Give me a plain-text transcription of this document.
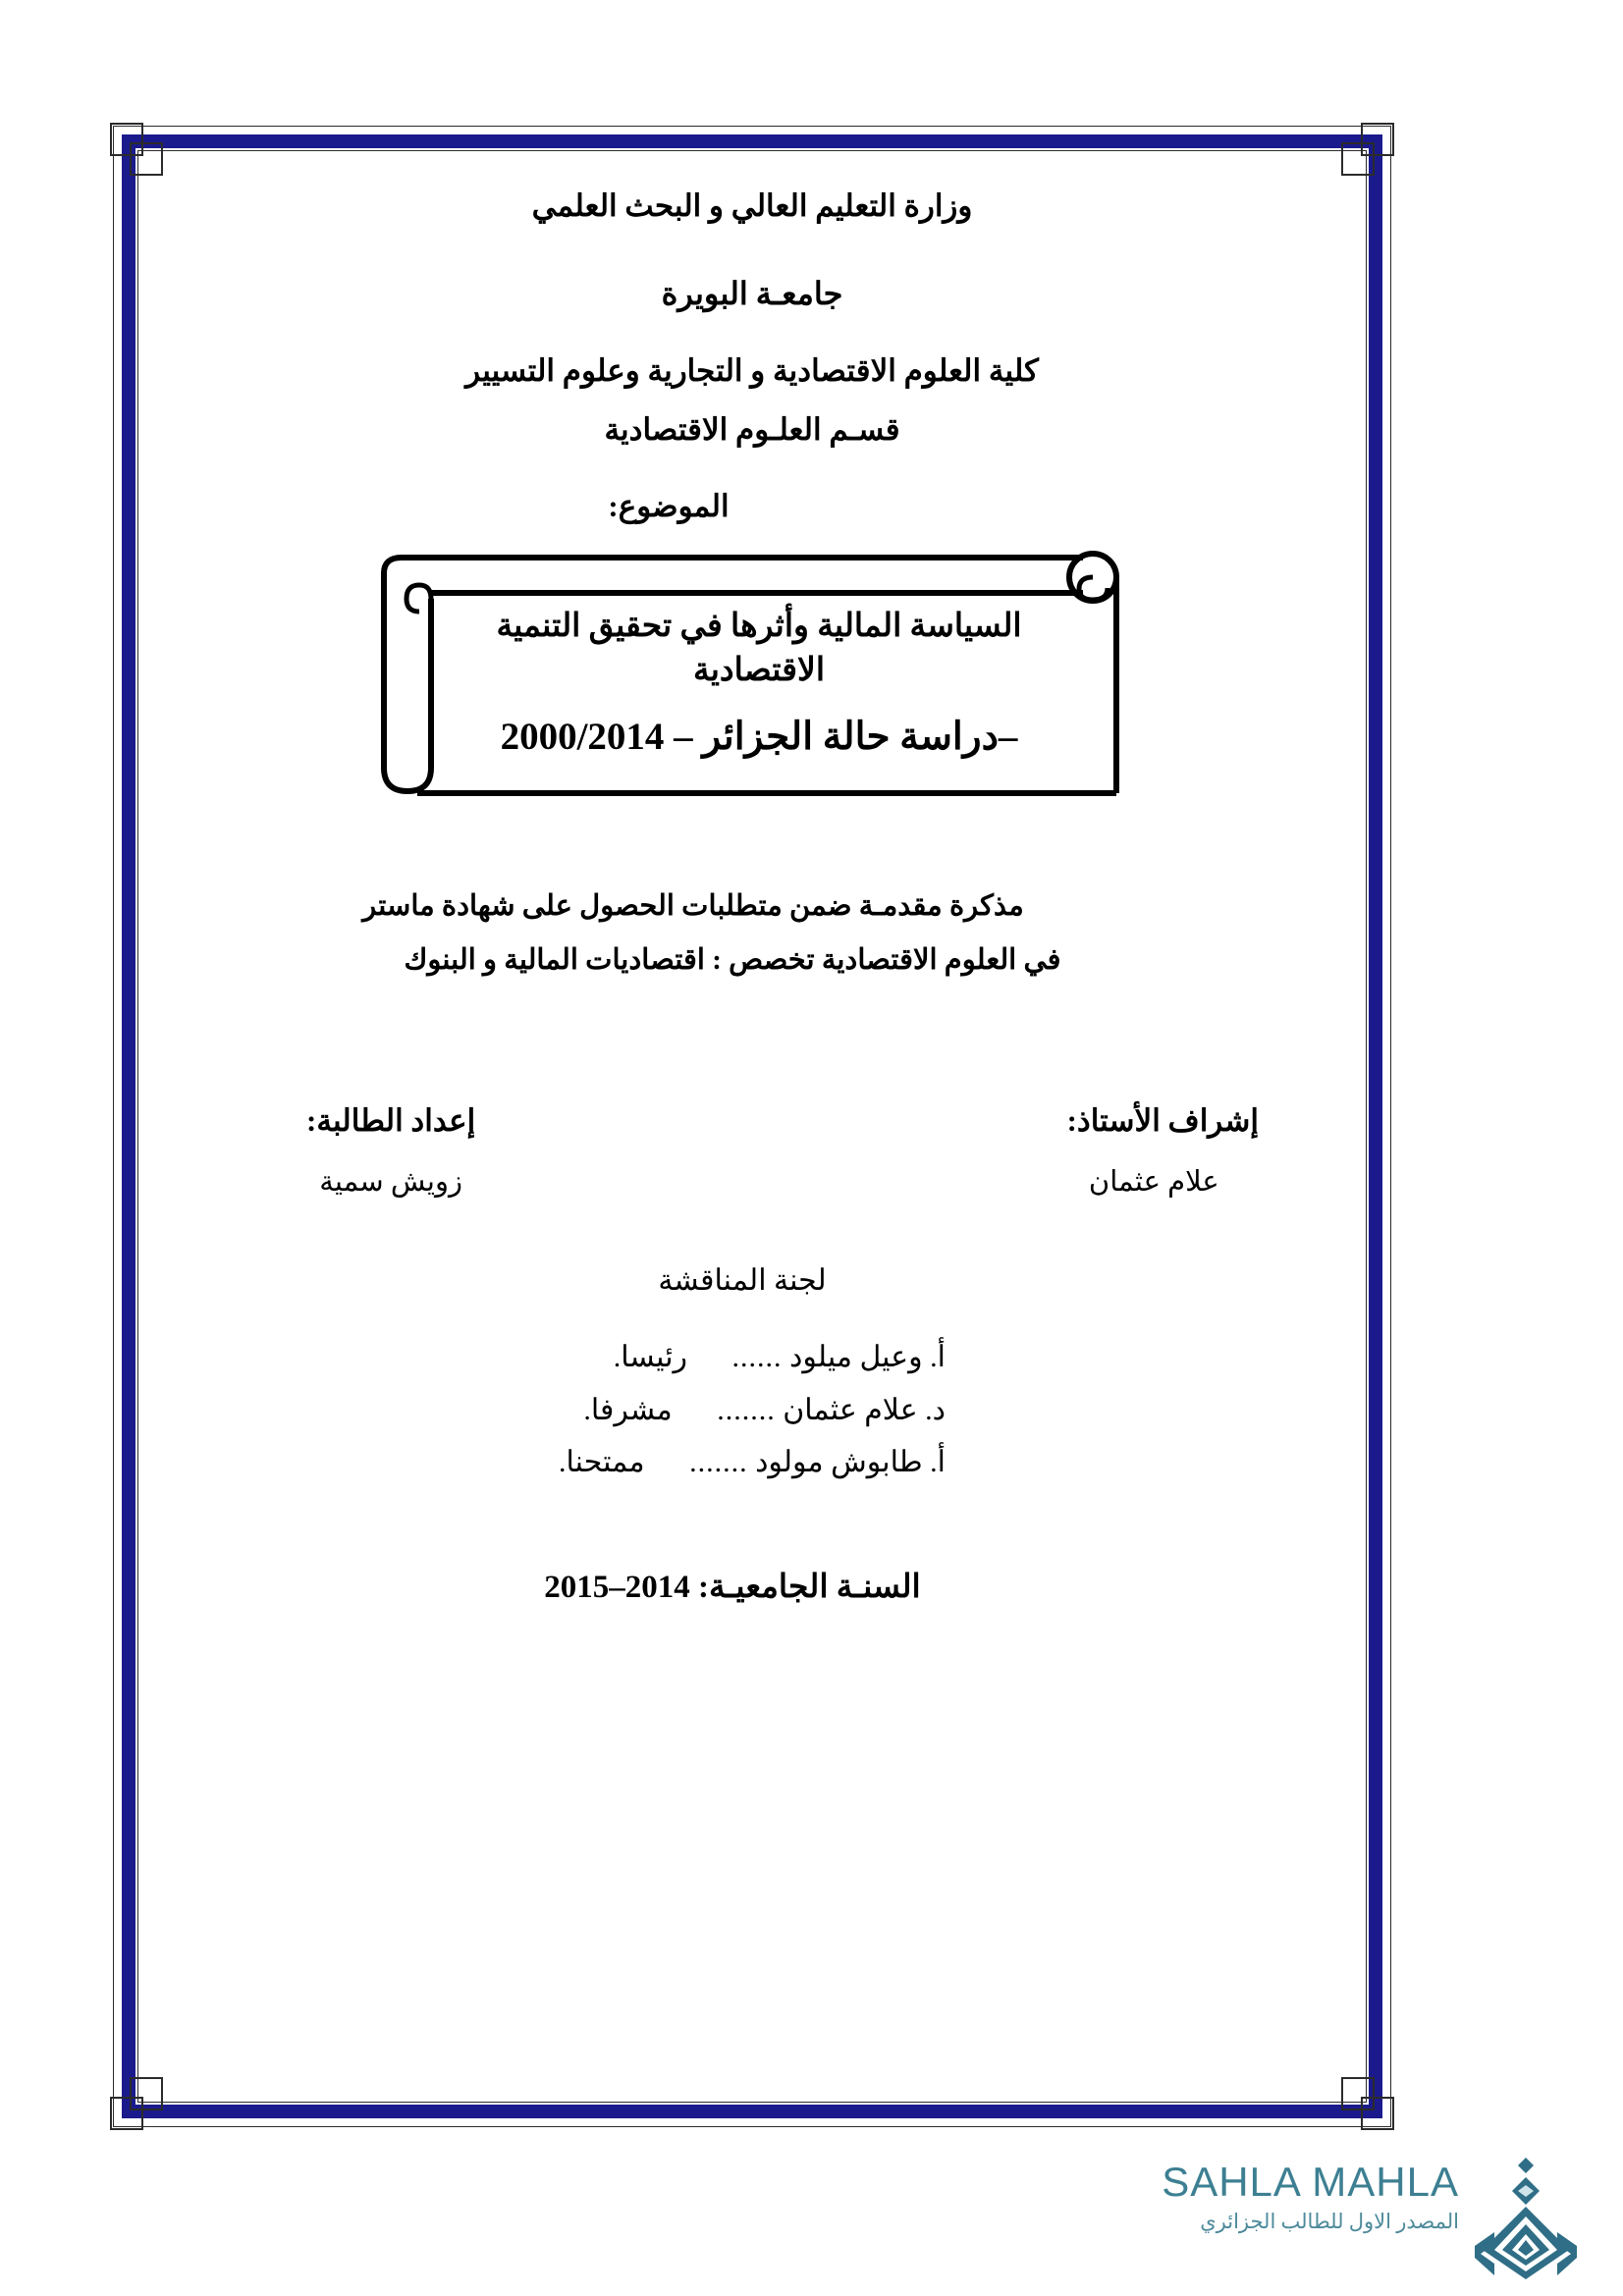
وزارة التعليم العالي و البحث العلمي
جامعـة البويرة
كلية العلوم الاقتصادية و التجارية وعلوم التسيير
قسـم العلـوم الاقتصادية
الموضوع:
السياسة المالية وأثرها في تحقيق التنمية الاقتصادية
–دراسة حالة الجزائر – 2000/2014
مذكرة مقدمـة ضمن متطلبات الحصول على شهادة ماستر
في العلوم الاقتصادية تخصص : اقتصاديات المالية و البنوك
إشراف الأستاذ:
علام عثمان
إعداد الطالبة:
زويش سمية
لجنة المناقشة
أ. وعيل ميلود ...... رئيسا.
د. علام عثمان ....... مشرفا.
أ. طابوش مولود ....... ممتحنا.
السنـة الجامعيـة: 2014–2015
SAHLA MAHLA
المصدر الاول للطالب الجزائري
